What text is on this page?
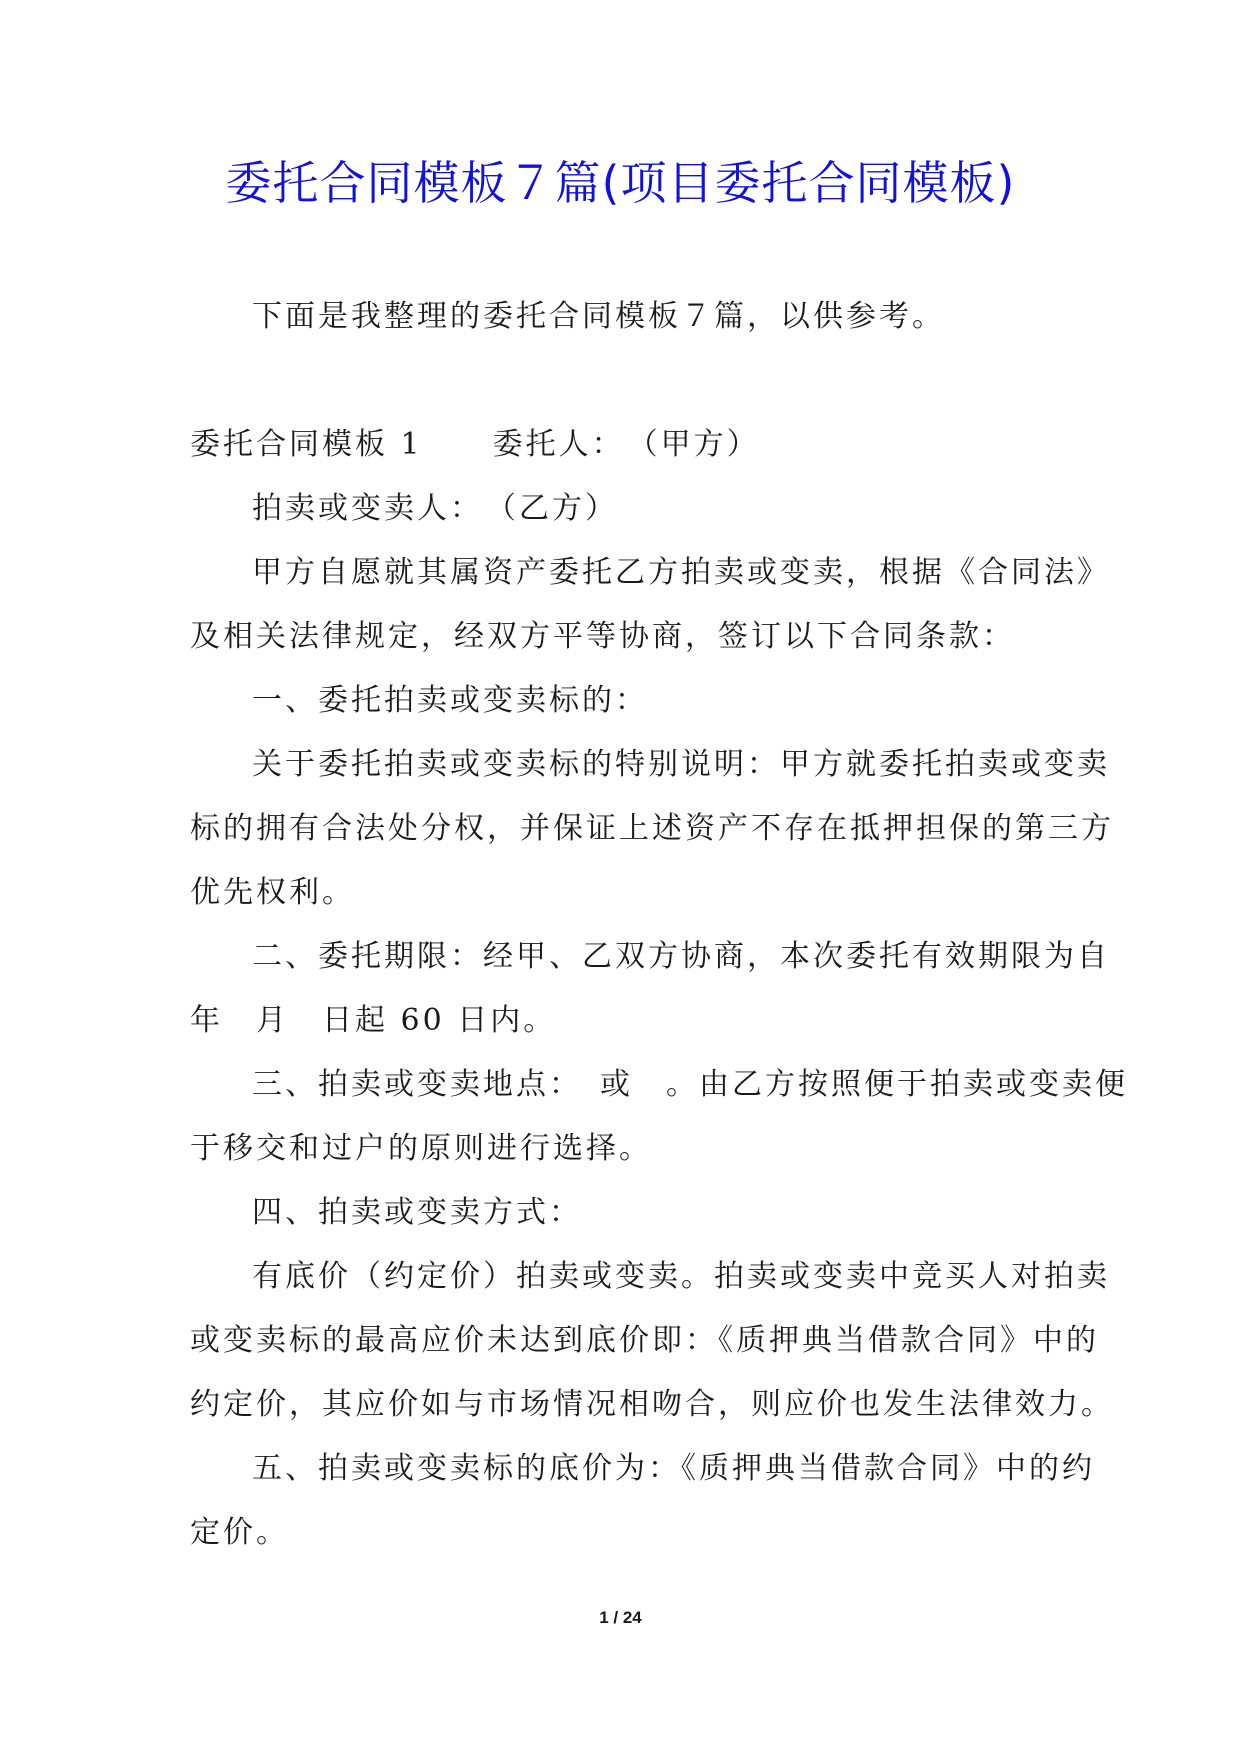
委托合同模板７篇(项目委托合同模板)

下面是我整理的委托合同模板７篇，以供参考。

委托合同模板 1 委托人：　（甲方）

拍卖或变卖人：　（乙方）

甲方自愿就其属资产委托乙方拍卖或变卖，根据《合同法》
及相关法律规定，经双方平等协商，签订以下合同条款：

一、委托拍卖或变卖标的：

关于委托拍卖或变卖标的特别说明：甲方就委托拍卖或变卖
标的拥有合法处分权，并保证上述资产不存在抵押担保的第三方
优先权利。

二、委托期限：经甲、乙双方协商，本次委托有效期限为自
年　月　日起 60 日内。

三、拍卖或变卖地点：　或　。由乙方按照便于拍卖或变卖便
于移交和过户的原则进行选择。

四、拍卖或变卖方式：

有底价（约定价）拍卖或变卖。拍卖或变卖中竞买人对拍卖
或变卖标的最高应价未达到底价即：《质押典当借款合同》中的
约定价，其应价如与市场情况相吻合，则应价也发生法律效力。

五、拍卖或变卖标的底价为：《质押典当借款合同》中的约
定价。

1 / 24
